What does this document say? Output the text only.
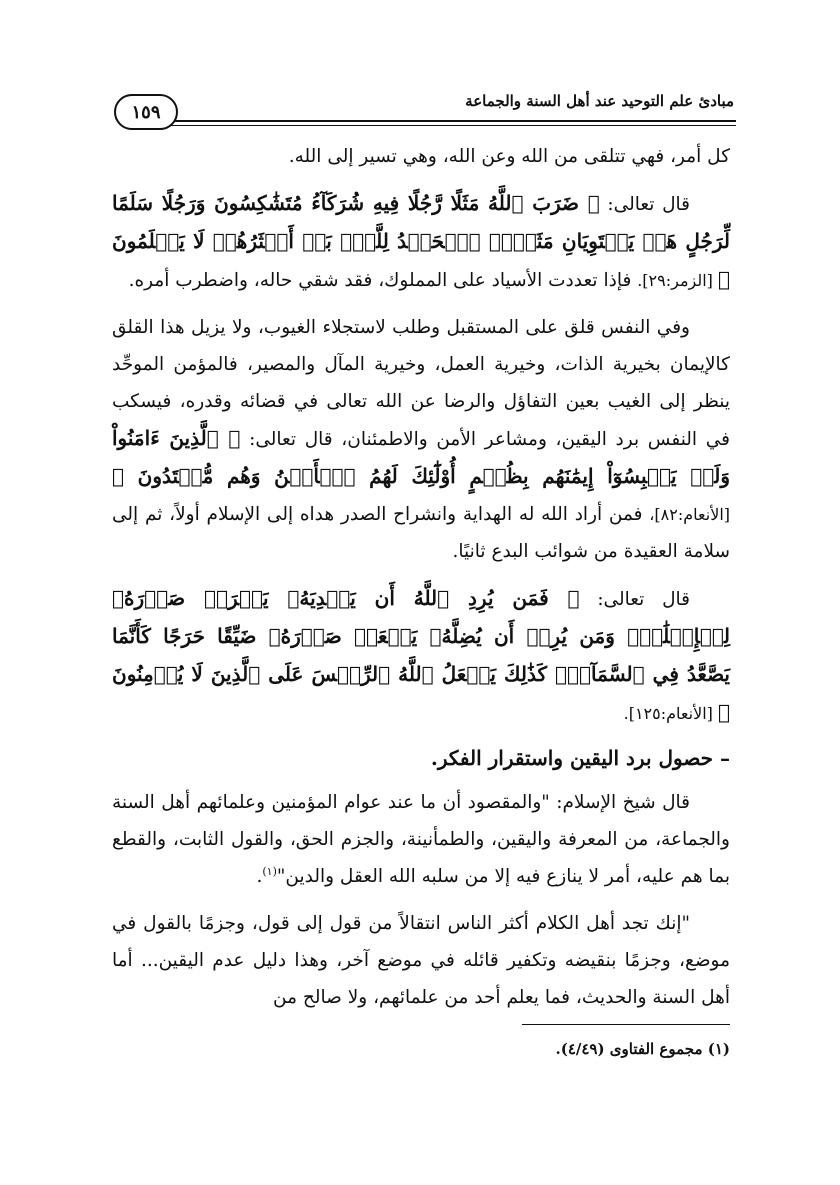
مبادئ علم التوحيد عند أهل السنة والجماعة
١٥٩

كل أمر، فهي تتلقى من الله وعن الله، وهي تسير إلى الله.

قال تعالى: ﴿ ضَرَبَ ٱللَّهُ مَثَلًا رَّجُلًا فِيهِ شُرَكَآءُ مُتَشَٰكِسُونَ وَرَجُلًا سَلَمًا لِّرَجُلٍ هَلۡ يَسۡتَوِيَانِ مَثَلًاۚ ٱلۡحَمۡدُ لِلَّهِۚ بَلۡ أَكۡثَرُهُمۡ لَا يَعۡلَمُونَ ﴾ [الزمر:٢٩]. فإذا تعددت الأسياد على المملوك، فقد شقي حاله، واضطرب أمره.

وفي النفس قلق على المستقبل وطلب لاستجلاء الغيوب، ولا يزيل هذا القلق كالإيمان بخيرية الذات، وخيرية العمل، وخيرية المآل والمصير، فالمؤمن الموحِّد ينظر إلى الغيب بعين التفاؤل والرضا عن الله تعالى في قضائه وقدره، فيسكب في النفس برد اليقين، ومشاعر الأمن والاطمئنان، قال تعالى: ﴿ ٱلَّذِينَ ءَامَنُواْ وَلَمۡ يَلۡبِسُوٓاْ إِيمَٰنَهُم بِظُلۡمٍ أُوْلَٰٓئِكَ لَهُمُ ٱلۡأَمۡنُ وَهُم مُّهۡتَدُونَ ﴾ [الأنعام:٨٢]، فمن أراد الله له الهداية وانشراح الصدر هداه إلى الإسلام أولاً، ثم إلى سلامة العقيدة من شوائب البدع ثانيًا.

قال تعالى: ﴿ فَمَن يُرِدِ ٱللَّهُ أَن يَهۡدِيَهُۥ يَشۡرَحۡ صَدۡرَهُۥ لِلۡإِسۡلَٰمِۖ وَمَن يُرِدۡ أَن يُضِلَّهُۥ يَجۡعَلۡ صَدۡرَهُۥ ضَيِّقًا حَرَجًا كَأَنَّمَا يَصَّعَّدُ فِي ٱلسَّمَآءِۚ كَذَٰلِكَ يَجۡعَلُ ٱللَّهُ ٱلرِّجۡسَ عَلَى ٱلَّذِينَ لَا يُؤۡمِنُونَ ﴾ [الأنعام:١٢٥].

– حصول برد اليقين واستقرار الفكر.

قال شيخ الإسلام: "والمقصود أن ما عند عوام المؤمنين وعلمائهم أهل السنة والجماعة، من المعرفة واليقين، والطمأنينة، والجزم الحق، والقول الثابت، والقطع بما هم عليه، أمر لا ينازع فيه إلا من سلبه الله العقل والدين"$^{(١)}$.

"إنك تجد أهل الكلام أكثر الناس انتقالاً من قول إلى قول، وجزمًا بالقول في موضع، وجزمًا بنقيضه وتكفير قائله في موضع آخر، وهذا دليل عدم اليقين... أما أهل السنة والحديث، فما يعلم أحد من علمائهم، ولا صالح من

(١) مجموع الفتاوى (٤/٤٩).
